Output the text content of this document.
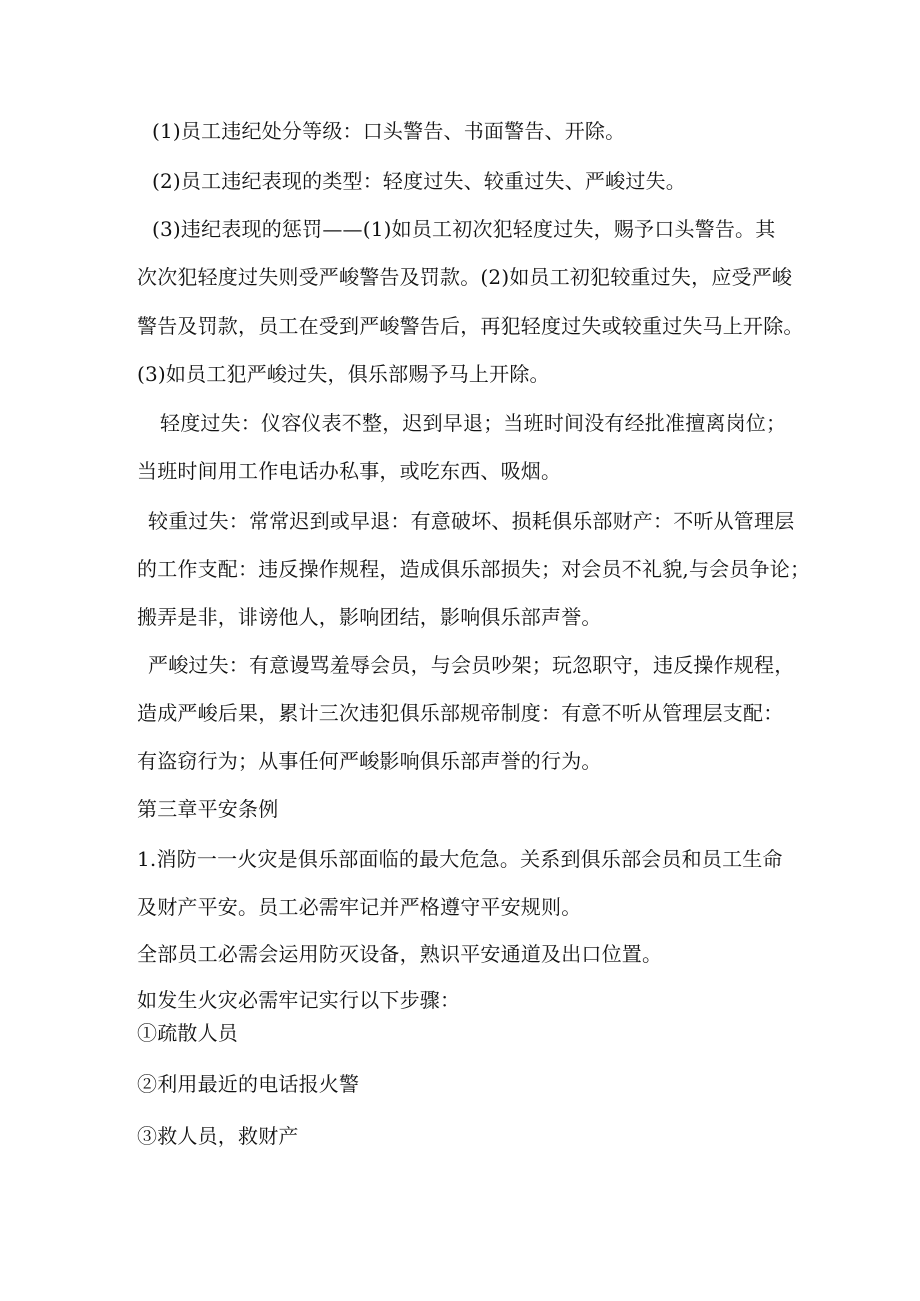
(1)员工违纪处分等级：口头警告、书面警告、开除。
(2)员工违纪表现的类型：轻度过失、较重过失、严峻过失。
(3)违纪表现的惩罚——(1)如员工初次犯轻度过失，赐予口头警告。其
次次犯轻度过失则受严峻警告及罚款。(2)如员工初犯较重过失，应受严峻
警告及罚款，员工在受到严峻警告后，再犯轻度过失或较重过失马上开除。
(3)如员工犯严峻过失，俱乐部赐予马上开除。
轻度过失：仪容仪表不整，迟到早退；当班时间没有经批准擅离岗位；
当班时间用工作电话办私事，或吃东西、吸烟。
较重过失：常常迟到或早退：有意破坏、损耗俱乐部财产：不听从管理层
的工作支配：违反操作规程，造成俱乐部损失；对会员不礼貌,与会员争论；
搬弄是非，诽谤他人，影响团结，影响俱乐部声誉。
严峻过失：有意谩骂羞辱会员，与会员吵架；玩忽职守，违反操作规程，
造成严峻后果，累计三次违犯俱乐部规帝制度：有意不听从管理层支配：
有盗窃行为；从事任何严峻影响俱乐部声誉的行为。
第三章平安条例
1.消防一一火灾是俱乐部面临的最大危急。关系到俱乐部会员和员工生命
及财产平安。员工必需牢记并严格遵守平安规则。
全部员工必需会运用防灭设备，熟识平安通道及出口位置。
如发生火灾必需牢记实行以下步骤：
①疏散人员
②利用最近的电话报火警
③救人员，救财产
